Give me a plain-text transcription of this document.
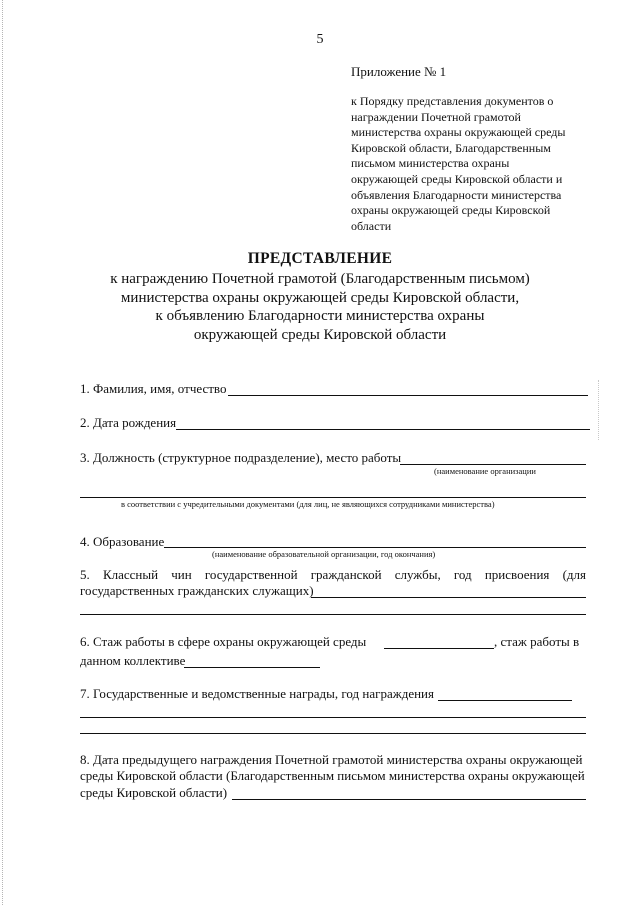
5
Приложение № 1
к Порядку представления документов о
награждении Почетной грамотой
министерства охраны окружающей среды
Кировской области, Благодарственным
письмом министерства охраны
окружающей среды Кировской области и
объявления Благодарности министерства
охраны окружающей среды Кировской
области
ПРЕДСТАВЛЕНИЕ
к награждению Почетной грамотой (Благодарственным письмом)
министерства охраны окружающей среды Кировской области,
к объявлению Благодарности министерства охраны
окружающей среды Кировской области
1. Фамилия, имя, отчество
2. Дата рождения
3. Должность (структурное подразделение), место работы
(наименование организации
в соответствии с учредительными документами (для лиц, не являющихся сотрудниками министерства)
4. Образование
(наименование образовательной организации, год окончания)
5. Классный чин государственной гражданской службы, год присвоения (для
государственных гражданских служащих)
6. Стаж работы в сфере охраны окружающей среды	, стаж работы в
данном коллективе
7. Государственные и ведомственные награды, год награждения
8. Дата предыдущего награждения Почетной грамотой министерства охраны окружающей
среды Кировской области (Благодарственным письмом министерства охраны окружающей
среды Кировской области)
